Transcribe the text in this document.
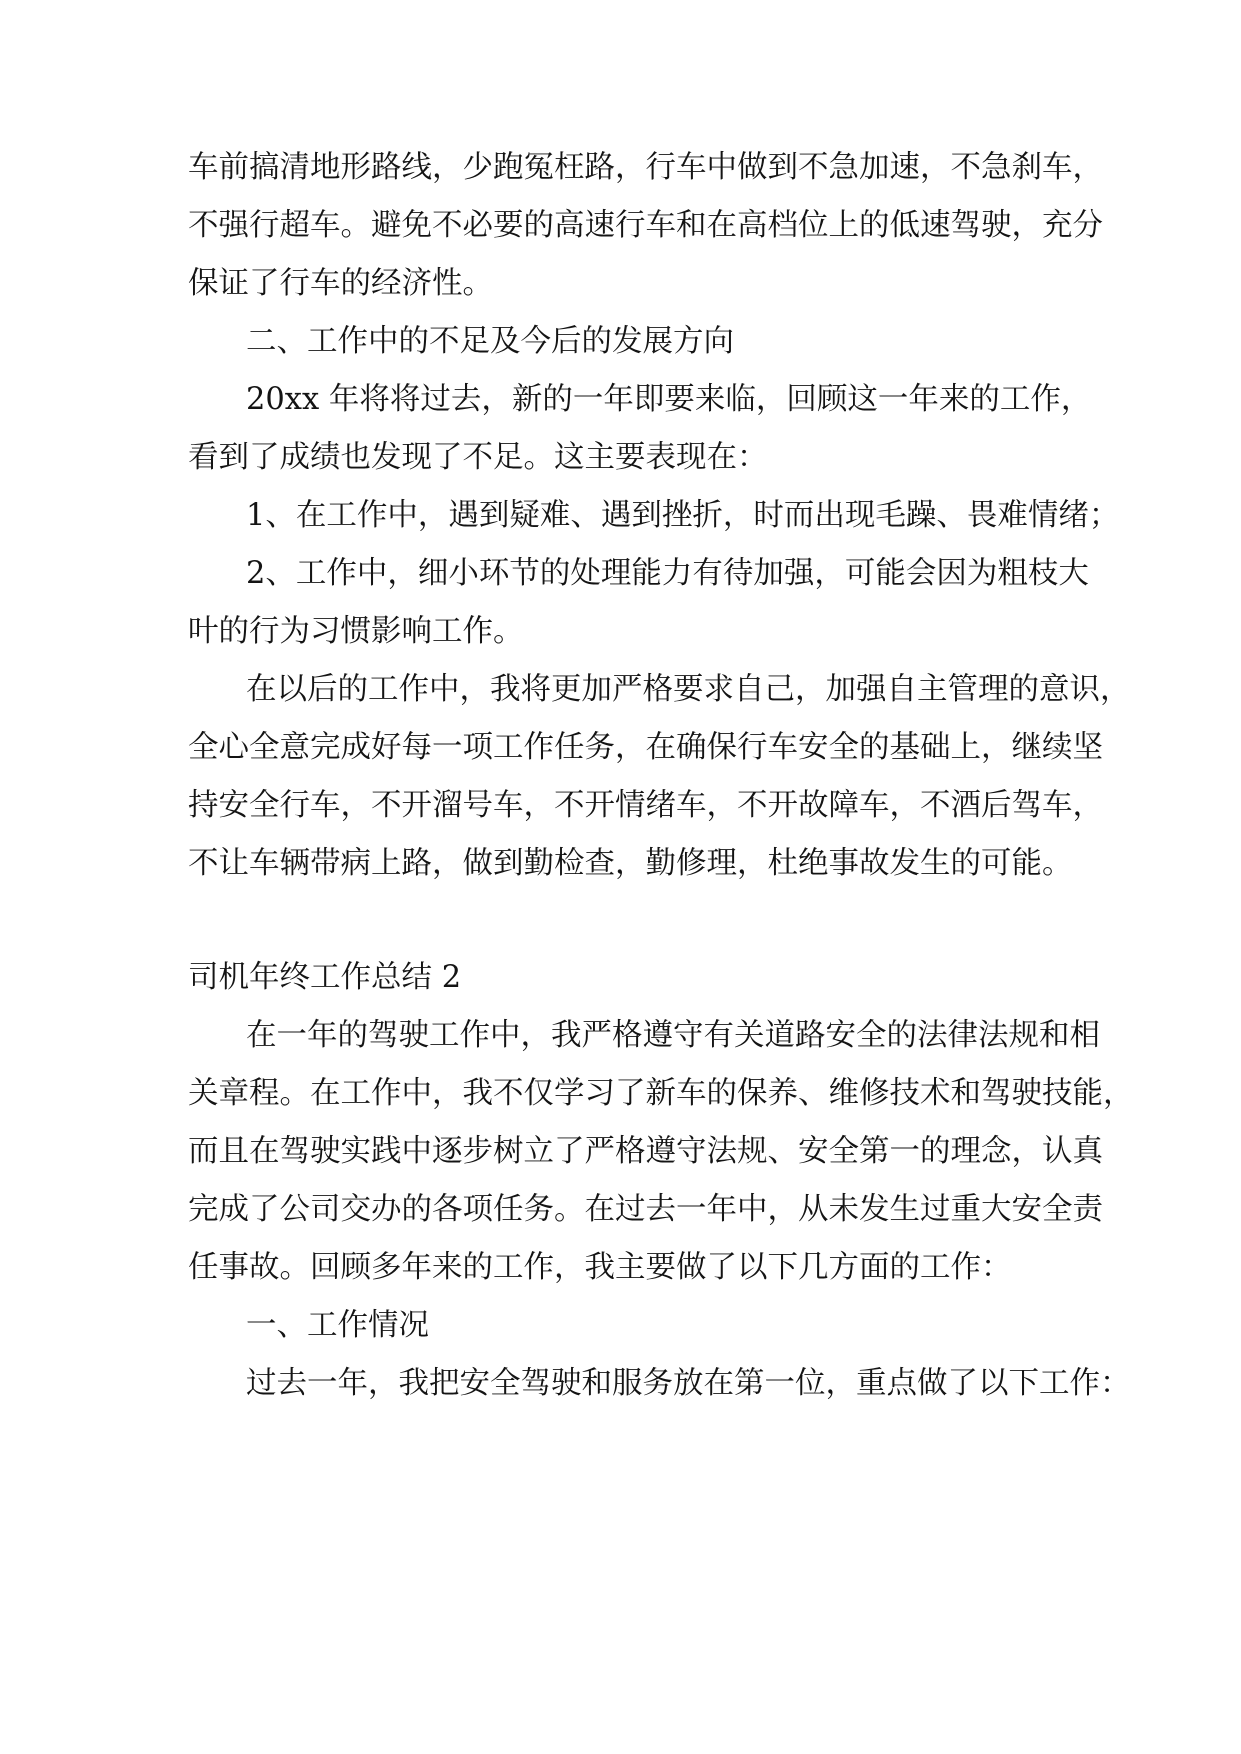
车前搞清地形路线，少跑冤枉路，行车中做到不急加速，不急刹车，
不强行超车。避免不必要的高速行车和在高档位上的低速驾驶，充分
保证了行车的经济性。
二、工作中的不足及今后的发展方向
20xx 年将将过去，新的一年即要来临，回顾这一年来的工作，
看到了成绩也发现了不足。这主要表现在：
1、在工作中，遇到疑难、遇到挫折，时而出现毛躁、畏难情绪；
2、工作中，细小环节的处理能力有待加强，可能会因为粗枝大
叶的行为习惯影响工作。
在以后的工作中，我将更加严格要求自己，加强自主管理的意识，
全心全意完成好每一项工作任务，在确保行车安全的基础上，继续坚
持安全行车，不开溜号车，不开情绪车，不开故障车，不酒后驾车，
不让车辆带病上路，做到勤检查，勤修理，杜绝事故发生的可能。
司机年终工作总结 2
在一年的驾驶工作中，我严格遵守有关道路安全的法律法规和相
关章程。在工作中，我不仅学习了新车的保养、维修技术和驾驶技能，
而且在驾驶实践中逐步树立了严格遵守法规、安全第一的理念，认真
完成了公司交办的各项任务。在过去一年中，从未发生过重大安全责
任事故。回顾多年来的工作，我主要做了以下几方面的工作：
一、工作情况
过去一年，我把安全驾驶和服务放在第一位，重点做了以下工作：
